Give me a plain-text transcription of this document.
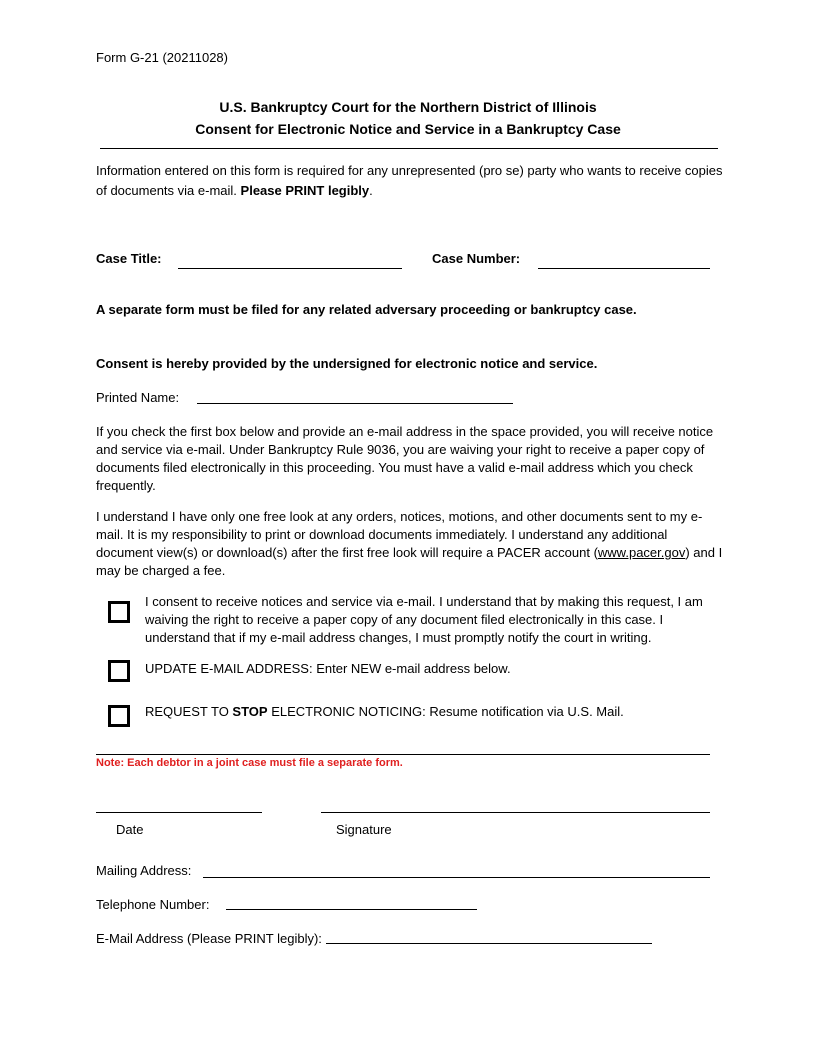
Form G-21 (20211028)
U.S. Bankruptcy Court for the Northern District of Illinois
Consent for Electronic Notice and Service in a Bankruptcy Case
Information entered on this form is required for any unrepresented (pro se) party who wants to receive copies of documents via e-mail. Please PRINT legibly.
Case Title:	Case Number:
A separate form must be filed for any related adversary proceeding or bankruptcy case.
Consent is hereby provided by the undersigned for electronic notice and service.
Printed Name:
If you check the first box below and provide an e-mail address in the space provided, you will receive notice and service via e-mail. Under Bankruptcy Rule 9036, you are waiving your right to receive a paper copy of documents filed electronically in this proceeding. You must have a valid e-mail address which you check frequently.
I understand I have only one free look at any orders, notices, motions, and other documents sent to my e-mail. It is my responsibility to print or download documents immediately. I understand any additional document view(s) or download(s) after the first free look will require a PACER account (www.pacer.gov) and I may be charged a fee.
I consent to receive notices and service via e-mail. I understand that by making this request, I am waiving the right to receive a paper copy of any document filed electronically in this case. I understand that if my e-mail address changes, I must promptly notify the court in writing.
UPDATE E-MAIL ADDRESS: Enter NEW e-mail address below.
REQUEST TO STOP ELECTRONIC NOTICING: Resume notification via U.S. Mail.
Note: Each debtor in a joint case must file a separate form.
Date	Signature
Mailing Address:
Telephone Number:
E-Mail Address (Please PRINT legibly):
